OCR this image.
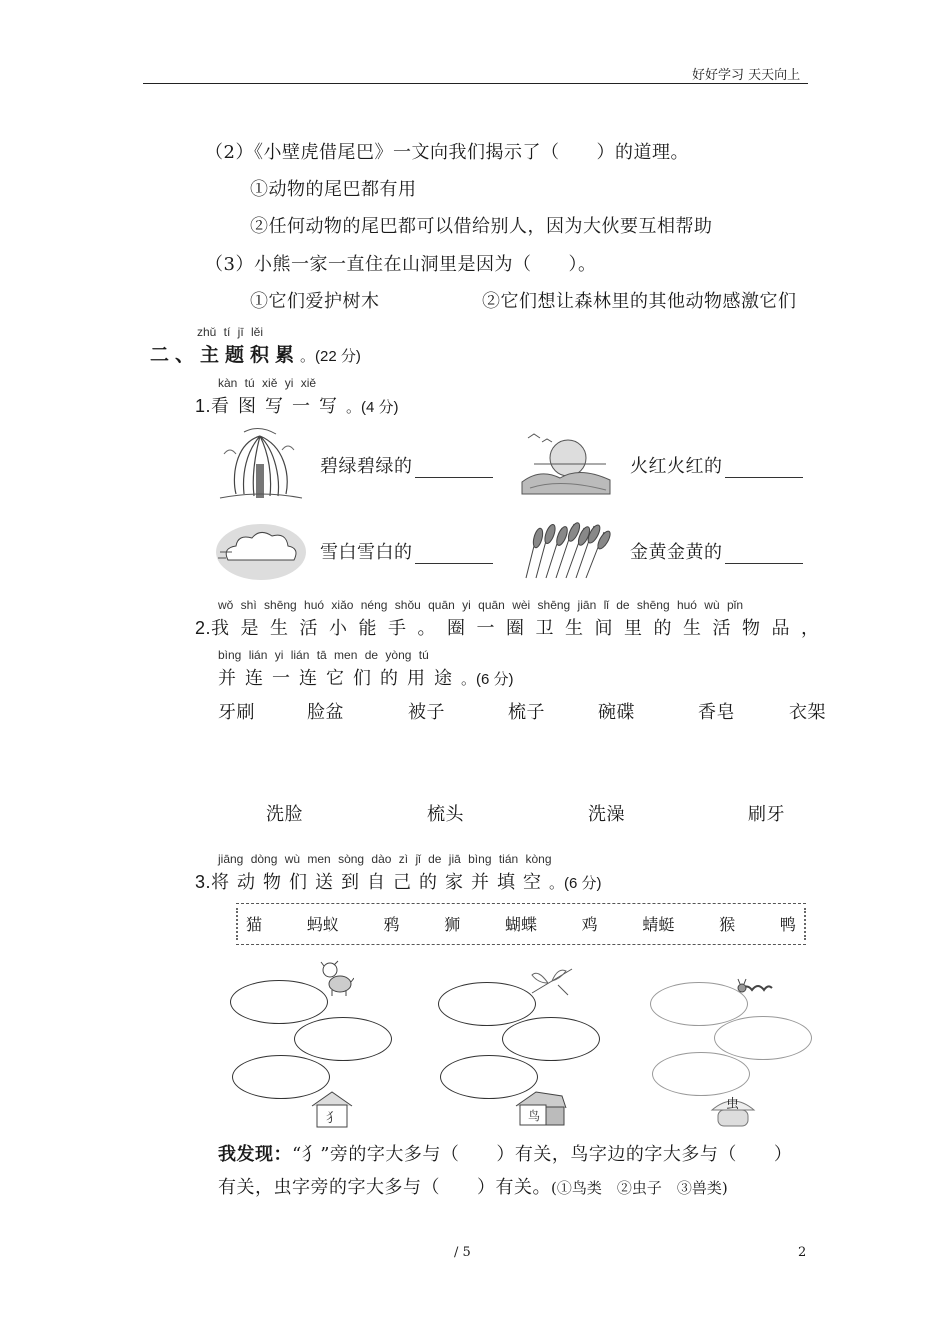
好好学习 天天向上
（2）《小壁虎借尾巴》一文向我们揭示了（　　）的道理。
①动物的尾巴都有用
②任何动物的尾巴都可以借给别人，因为大伙要互相帮助
（3）小熊一家一直住在山洞里是因为（　　）。
①它们爱护树木	②它们想让森林里的其他动物感激它们
zhǔ tí jī lěi
二、主题积累。(22 分)
kàn tú xiě yi xiě
1.看图写一写。(4 分)
碧绿碧绿的	火红火红的
雪白雪白的	金黄金黄的
wǒ shì shēng huó xiǎo néng shǒu quān yi quān wèi shēng jiān lǐ de shēng huó wù pǐn
2.我是生活小能手。圈一圈卫生间里的生活物品，
bìng lián yi lián tā men de yòng tú
并连一连它们的用途。(6 分)
牙刷	脸盆	被子	梳子	碗碟	香皂	衣架
洗脸	梳头	洗澡	刷牙
jiāng dòng wù men sòng dào zì jǐ de jiā bìng tián kòng
3.将动物们送到自己的家并填空。(6 分)
猫	蚂蚁	鸦	狮	蝴蝶	鸡	蜻蜓	猴	鸭
犭	鸟
虫
我发现：“犭”旁的字大多与（　　）有关，鸟字边的字大多与（　　）
有关，虫字旁的字大多与（　　）有关。(①鸟类　②虫子　③兽类)
/ 5	2
